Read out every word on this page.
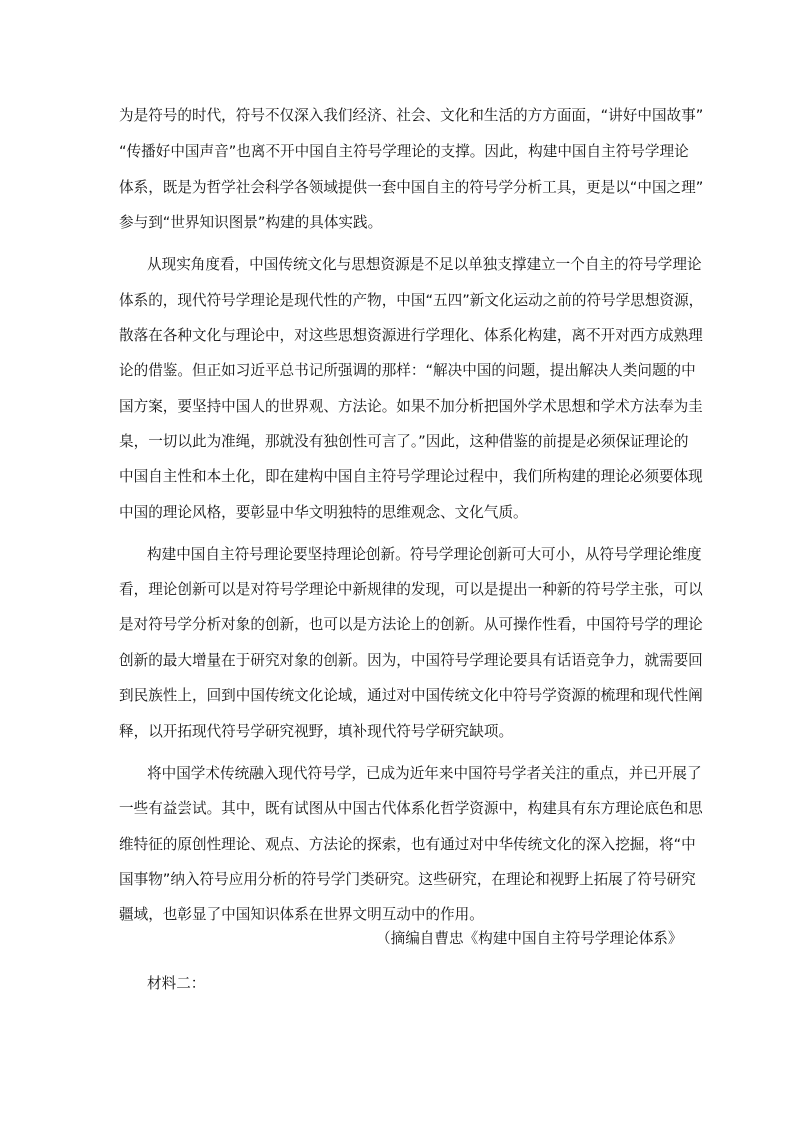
为是符号的时代，符号不仅深入我们经济、社会、文化和生活的方方面面，“讲好中国故事”
“传播好中国声音”也离不开中国自主符号学理论的支撑。因此，构建中国自主符号学理论
体系，既是为哲学社会科学各领域提供一套中国自主的符号学分析工具，更是以“中国之理”
参与到“世界知识图景”构建的具体实践。
从现实角度看，中国传统文化与思想资源是不足以单独支撑建立一个自主的符号学理论
体系的，现代符号学理论是现代性的产物，中国“五四”新文化运动之前的符号学思想资源，
散落在各种文化与理论中，对这些思想资源进行学理化、体系化构建，离不开对西方成熟理
论的借鉴。但正如习近平总书记所强调的那样：“解决中国的问题，提出解决人类问题的中
国方案，要坚持中国人的世界观、方法论。如果不加分析把国外学术思想和学术方法奉为圭
臬，一切以此为准绳，那就没有独创性可言了。”因此，这种借鉴的前提是必须保证理论的
中国自主性和本土化，即在建构中国自主符号学理论过程中，我们所构建的理论必须要体现
中国的理论风格，要彰显中华文明独特的思维观念、文化气质。
构建中国自主符号理论要坚持理论创新。符号学理论创新可大可小，从符号学理论维度
看，理论创新可以是对符号学理论中新规律的发现，可以是提出一种新的符号学主张，可以
是对符号学分析对象的创新，也可以是方法论上的创新。从可操作性看，中国符号学的理论
创新的最大增量在于研究对象的创新。因为，中国符号学理论要具有话语竞争力，就需要回
到民族性上，回到中国传统文化论域，通过对中国传统文化中符号学资源的梳理和现代性阐
释，以开拓现代符号学研究视野，填补现代符号学研究缺项。
将中国学术传统融入现代符号学，已成为近年来中国符号学者关注的重点，并已开展了
一些有益尝试。其中，既有试图从中国古代体系化哲学资源中，构建具有东方理论底色和思
维特征的原创性理论、观点、方法论的探索，也有通过对中华传统文化的深入挖掘，将“中
国事物”纳入符号应用分析的符号学门类研究。这些研究，在理论和视野上拓展了符号研究
疆域，也彰显了中国知识体系在世界文明互动中的作用。
（摘编自曹忠《构建中国自主符号学理论体系》
材料二：
